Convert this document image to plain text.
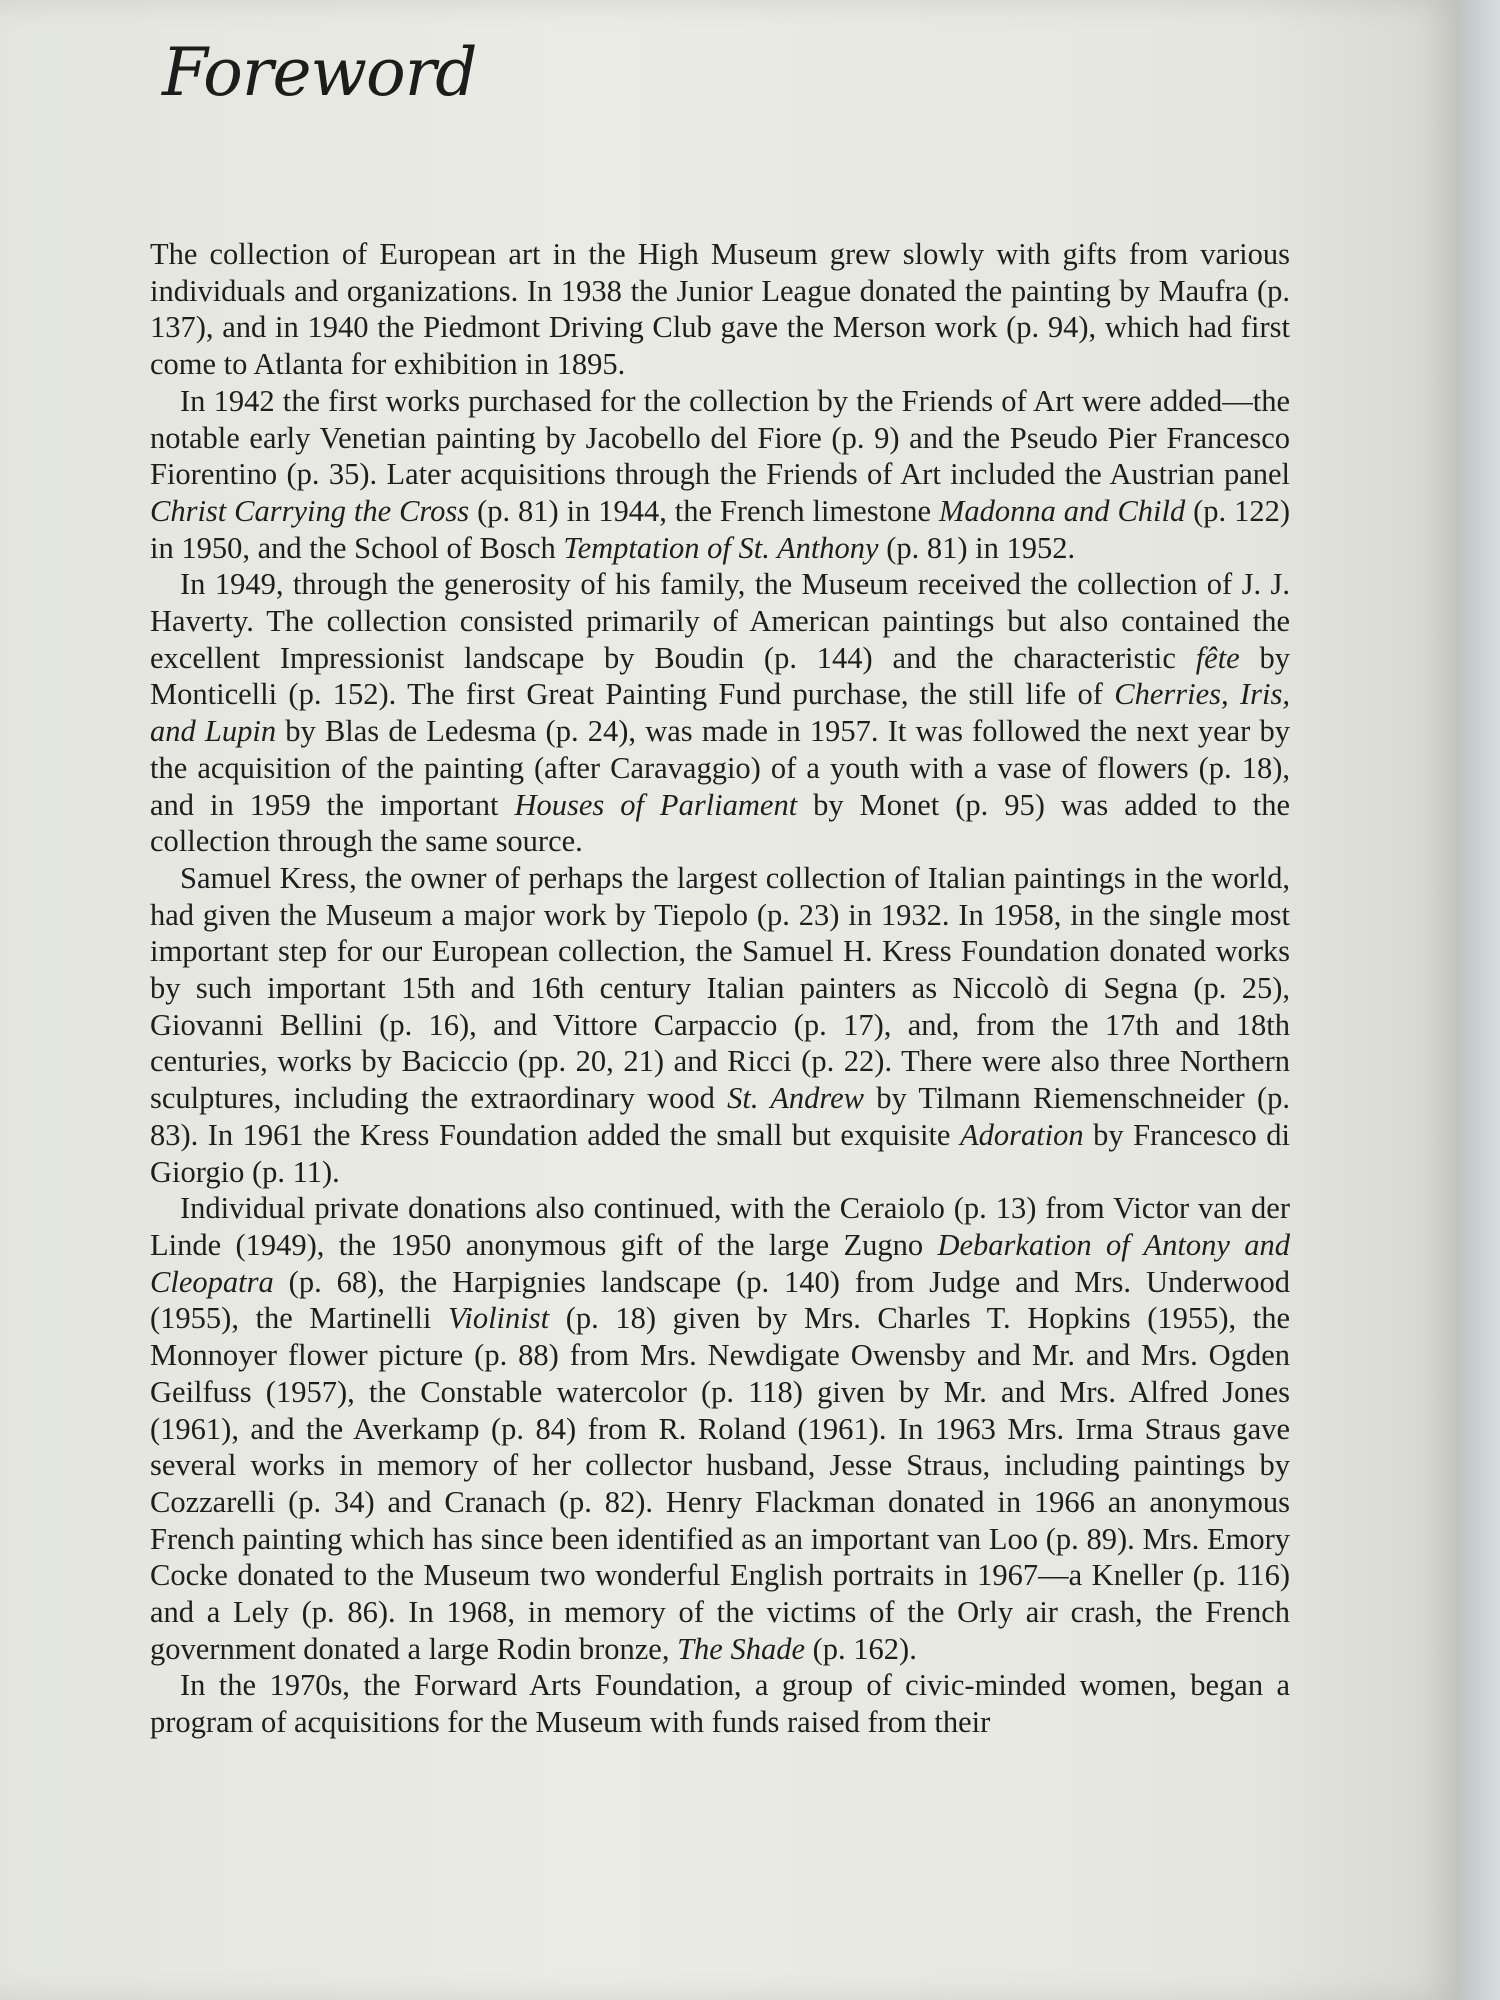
Foreword

The collection of European art in the High Museum grew slowly with gifts from various individuals and organizations. In 1938 the Junior League donated the painting by Maufra (p. 137), and in 1940 the Piedmont Driving Club gave the Merson work (p. 94), which had first come to Atlanta for exhibition in 1895.

In 1942 the first works purchased for the collection by the Friends of Art were added—the notable early Venetian painting by Jacobello del Fiore (p. 9) and the Pseudo Pier Francesco Fiorentino (p. 35). Later acquisitions through the Friends of Art included the Austrian panel Christ Carrying the Cross (p. 81) in 1944, the French limestone Madonna and Child (p. 122) in 1950, and the School of Bosch Temptation of St. Anthony (p. 81) in 1952.

In 1949, through the generosity of his family, the Museum received the collection of J. J. Haverty. The collection consisted primarily of American paintings but also contained the excellent Impressionist landscape by Boudin (p. 144) and the characteristic fête by Monticelli (p. 152). The first Great Painting Fund purchase, the still life of Cherries, Iris, and Lupin by Blas de Ledesma (p. 24), was made in 1957. It was followed the next year by the acquisition of the painting (after Caravaggio) of a youth with a vase of flowers (p. 18), and in 1959 the important Houses of Parliament by Monet (p. 95) was added to the collection through the same source.

Samuel Kress, the owner of perhaps the largest collection of Italian paintings in the world, had given the Museum a major work by Tiepolo (p. 23) in 1932. In 1958, in the single most important step for our European collection, the Samuel H. Kress Foundation donated works by such important 15th and 16th century Italian painters as Niccolò di Segna (p. 25), Giovanni Bellini (p. 16), and Vittore Carpaccio (p. 17), and, from the 17th and 18th centuries, works by Baciccio (pp. 20, 21) and Ricci (p. 22). There were also three Northern sculptures, including the extraordinary wood St. Andrew by Tilmann Riemenschneider (p. 83). In 1961 the Kress Foundation added the small but exquisite Adoration by Francesco di Giorgio (p. 11).

Individual private donations also continued, with the Ceraiolo (p. 13) from Victor van der Linde (1949), the 1950 anonymous gift of the large Zugno Debarkation of Antony and Cleopatra (p. 68), the Harpignies landscape (p. 140) from Judge and Mrs. Underwood (1955), the Martinelli Violinist (p. 18) given by Mrs. Charles T. Hopkins (1955), the Monnoyer flower picture (p. 88) from Mrs. Newdigate Owensby and Mr. and Mrs. Ogden Geilfuss (1957), the Constable watercolor (p. 118) given by Mr. and Mrs. Alfred Jones (1961), and the Averkamp (p. 84) from R. Roland (1961). In 1963 Mrs. Irma Straus gave several works in memory of her collector husband, Jesse Straus, including paintings by Cozzarelli (p. 34) and Cranach (p. 82). Henry Flackman donated in 1966 an anonymous French painting which has since been identified as an important van Loo (p. 89). Mrs. Emory Cocke donated to the Museum two wonderful English portraits in 1967—a Kneller (p. 116) and a Lely (p. 86). In 1968, in memory of the victims of the Orly air crash, the French government donated a large Rodin bronze, The Shade (p. 162).

In the 1970s, the Forward Arts Foundation, a group of civic-minded women, began a program of acquisitions for the Museum with funds raised from their
